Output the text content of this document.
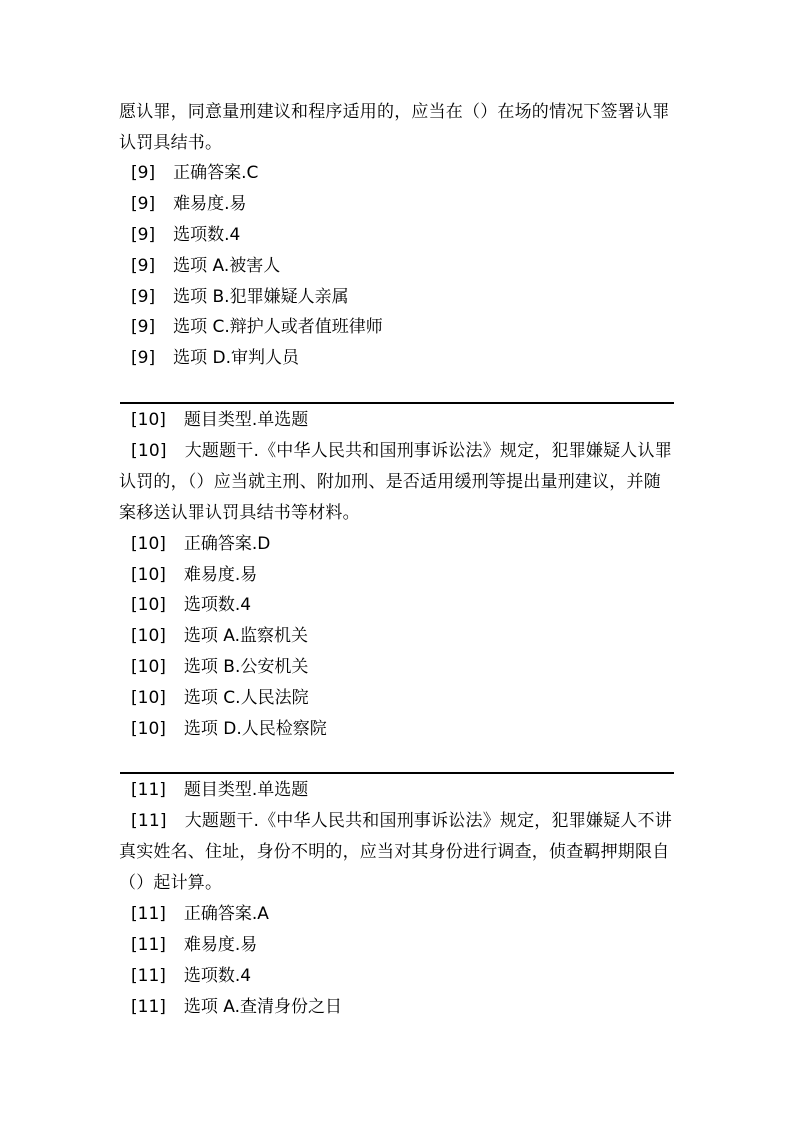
愿认罪，同意量刑建议和程序适用的，应当在（）在场的情况下签署认罪认罚具结书。

[9] 正确答案.C
[9] 难易度.易
[9] 选项数.4
[9] 选项 A.被害人
[9] 选项 B.犯罪嫌疑人亲属
[9] 选项 C.辩护人或者值班律师
[9] 选项 D.审判人员
[10] 题目类型.单选题

[10] 大题题干.《中华人民共和国刑事诉讼法》规定，犯罪嫌疑人认罪认罚的，（）应当就主刑、附加刑、是否适用缓刑等提出量刑建议，并随案移送认罪认罚具结书等材料。

[10] 正确答案.D
[10] 难易度.易
[10] 选项数.4
[10] 选项 A.监察机关
[10] 选项 B.公安机关
[10] 选项 C.人民法院
[10] 选项 D.人民检察院
[11] 题目类型.单选题

[11] 大题题干.《中华人民共和国刑事诉讼法》规定，犯罪嫌疑人不讲真实姓名、住址，身份不明的，应当对其身份进行调查，侦查羁押期限自（）起计算。

[11] 正确答案.A
[11] 难易度.易
[11] 选项数.4
[11] 选项 A.查清身份之日
